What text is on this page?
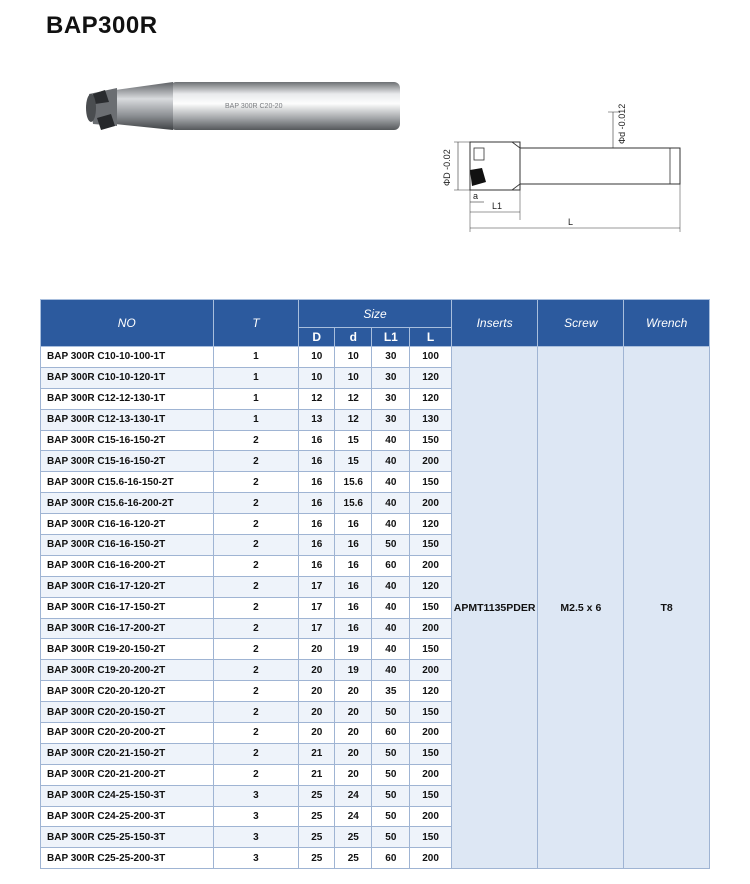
BAP300R
BAP 300R C20-20
ΦD -0.02
Φd -0.012
a
L1
L
NO	T	Size				Inserts	Screw	Wrench
		D	d	L1	L			
BAP 300R C10-10-100-1T	1	10	10	30	100	APMT1135PDER	M2.5 x 6	T8
BAP 300R C10-10-120-1T	1	10	10	30	120			
BAP 300R C12-12-130-1T	1	12	12	30	120			
BAP 300R C12-13-130-1T	1	13	12	30	130			
BAP 300R C15-16-150-2T	2	16	15	40	150			
BAP 300R C15-16-150-2T	2	16	15	40	200			
BAP 300R C15.6-16-150-2T	2	16	15.6	40	150			
BAP 300R C15.6-16-200-2T	2	16	15.6	40	200			
BAP 300R C16-16-120-2T	2	16	16	40	120			
BAP 300R C16-16-150-2T	2	16	16	50	150			
BAP 300R C16-16-200-2T	2	16	16	60	200			
BAP 300R C16-17-120-2T	2	17	16	40	120			
BAP 300R C16-17-150-2T	2	17	16	40	150			
BAP 300R C16-17-200-2T	2	17	16	40	200			
BAP 300R C19-20-150-2T	2	20	19	40	150			
BAP 300R C19-20-200-2T	2	20	19	40	200			
BAP 300R C20-20-120-2T	2	20	20	35	120			
BAP 300R C20-20-150-2T	2	20	20	50	150			
BAP 300R C20-20-200-2T	2	20	20	60	200			
BAP 300R C20-21-150-2T	2	21	20	50	150			
BAP 300R C20-21-200-2T	2	21	20	50	200			
BAP 300R C24-25-150-3T	3	25	24	50	150			
BAP 300R C24-25-200-3T	3	25	24	50	200			
BAP 300R C25-25-150-3T	3	25	25	50	150			
BAP 300R C25-25-200-3T	3	25	25	60	200			
